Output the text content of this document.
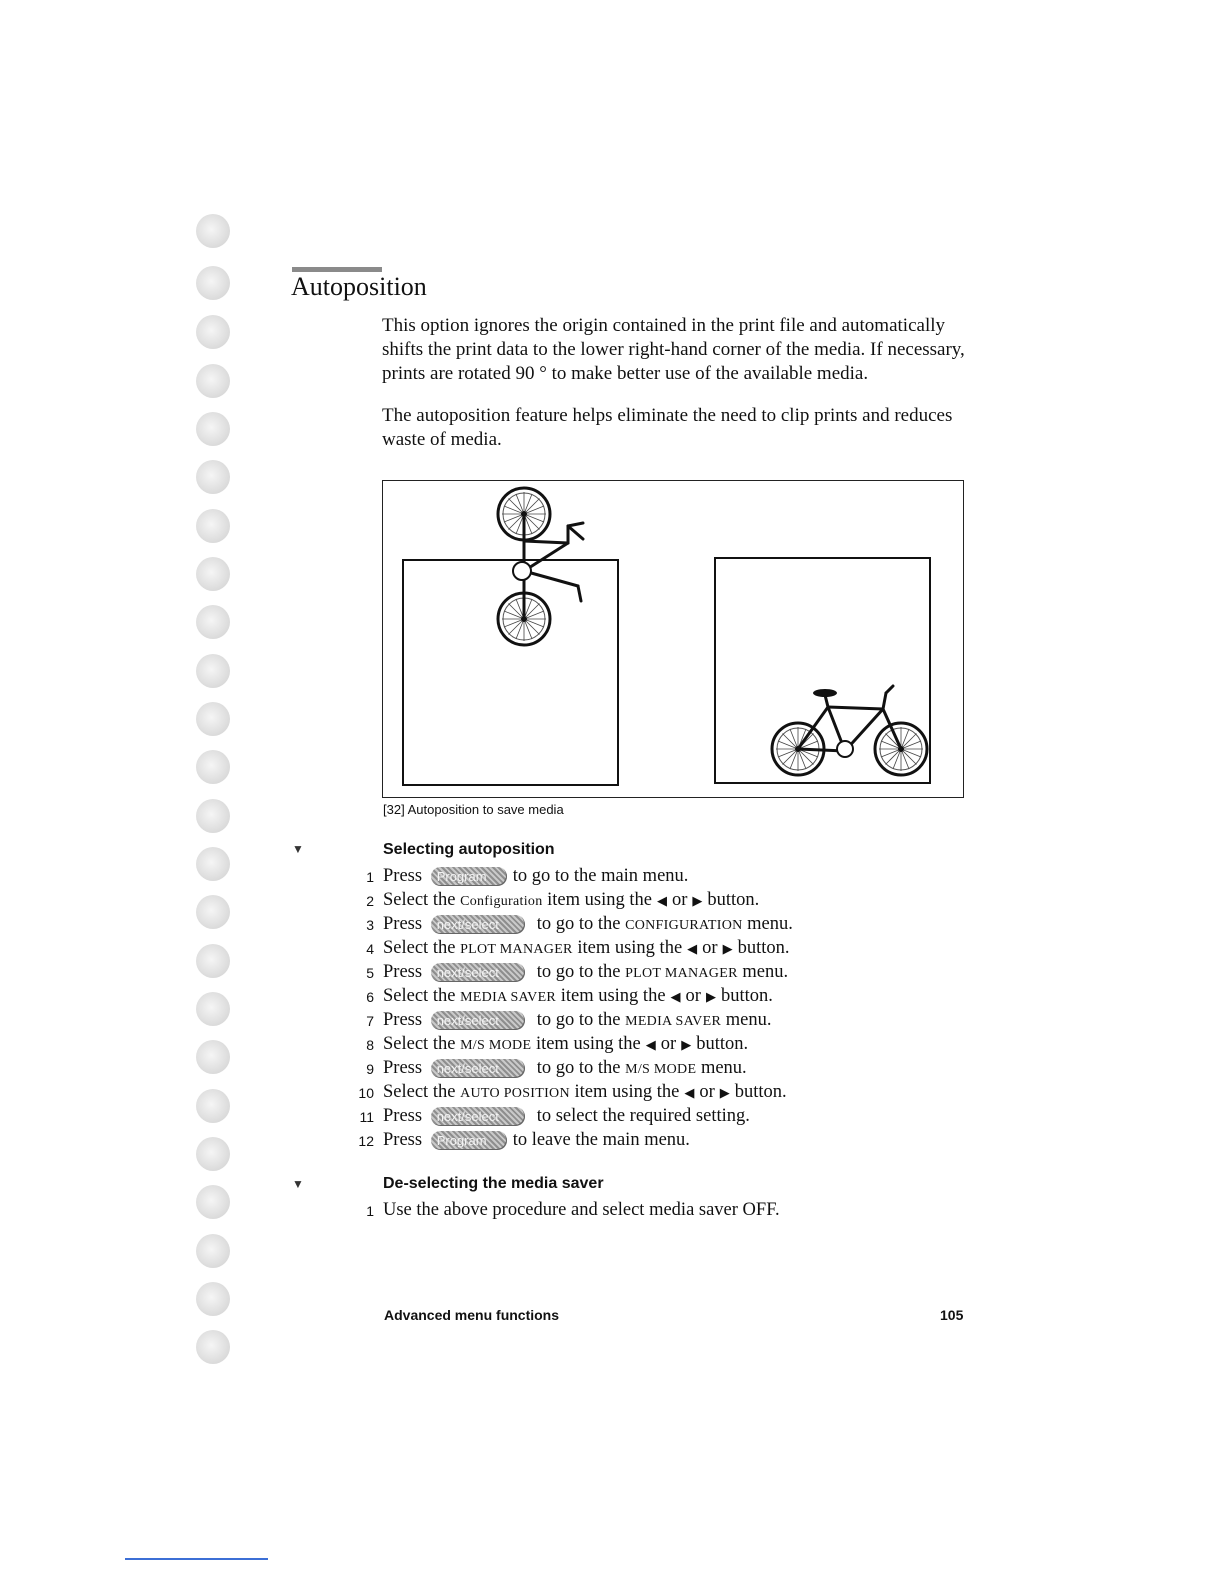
Autoposition

This option ignores the origin contained in the print file and automatically shifts the print data to the lower right-hand corner of the media. If necessary, prints are rotated 90 ° to make better use of the available media.

The autoposition feature helps eliminate the need to clip prints and reduces waste of media.

[32] Autoposition to save media
▼	Selecting autoposition
1 Press Program to go to the main menu.
2 Select the Configuration item using the ◀ or ▶ button.
3 Press next/select to go to the CONFIGURATION menu.
4 Select the PLOT MANAGER item using the ◀ or ▶ button.
5 Press next/select to go to the PLOT MANAGER menu.
6 Select the MEDIA SAVER item using the ◀ or ▶ button.
7 Press next/select to go to the MEDIA SAVER menu.
8 Select the M/S MODE item using the ◀ or ▶ button.
9 Press next/select to go to the M/S MODE menu.
10 Select the AUTO POSITION item using the ◀ or ▶ button.
11 Press next/select to select the required setting.
12 Press Program to leave the main menu.
▼	De-selecting the media saver
1 Use the above procedure and select media saver OFF.
Advanced menu functions	105
